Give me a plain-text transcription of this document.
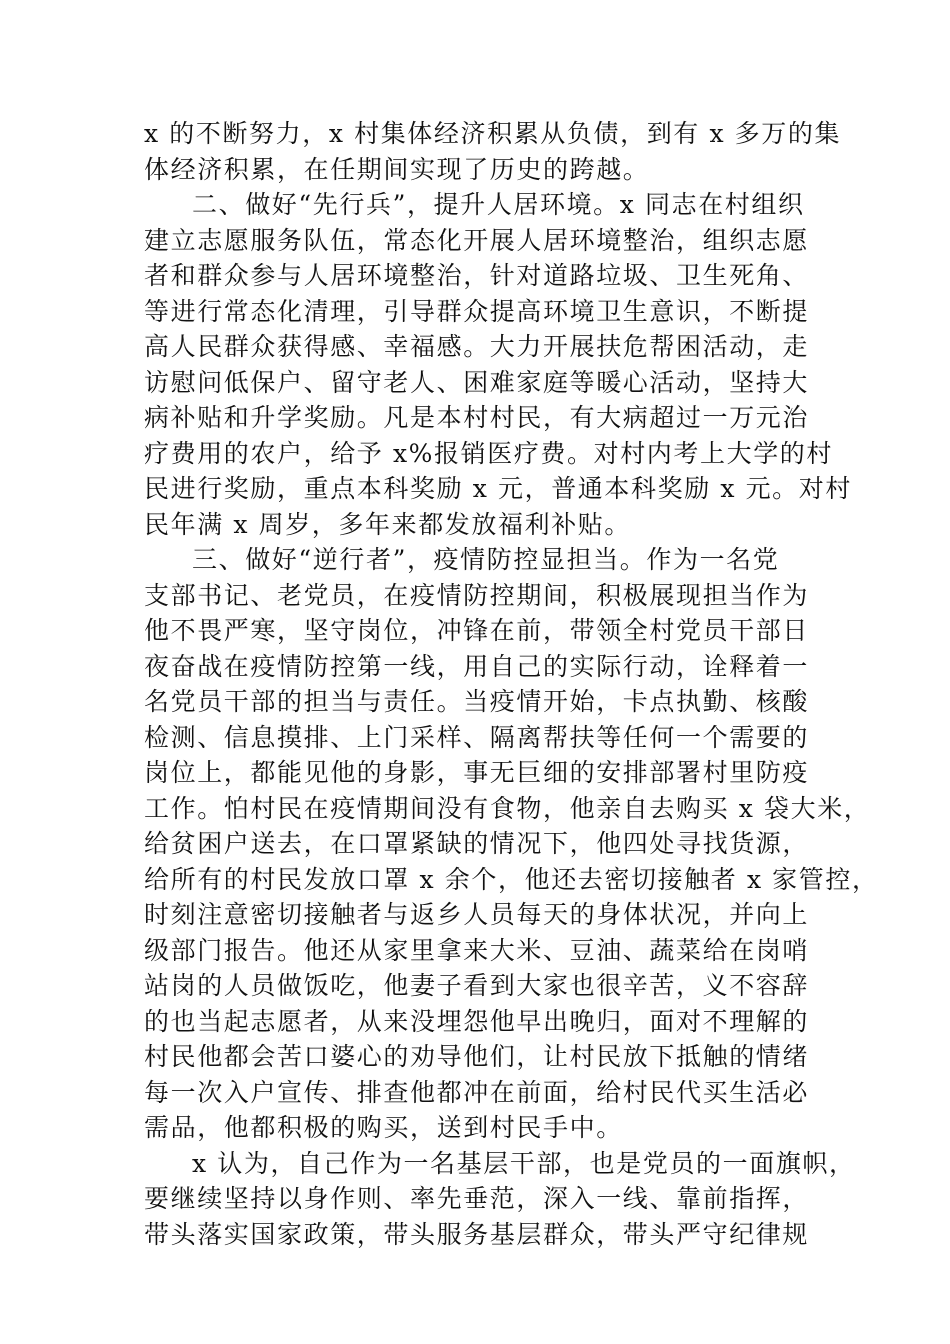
x 的不断努力，x 村集体经济积累从负债，到有 x 多万的集
体经济积累，在任期间实现了历史的跨越。
二、做好“先行兵”，提升人居环境。x 同志在村组织
建立志愿服务队伍，常态化开展人居环境整治，组织志愿
者和群众参与人居环境整治，针对道路垃圾、卫生死角、
等进行常态化清理，引导群众提高环境卫生意识，不断提
高人民群众获得感、幸福感。大力开展扶危帮困活动，走
访慰问低保户、留守老人、困难家庭等暖心活动，坚持大
病补贴和升学奖励。凡是本村村民，有大病超过一万元治
疗费用的农户，给予 x%报销医疗费。对村内考上大学的村
民进行奖励，重点本科奖励 x 元，普通本科奖励 x 元。对村
民年满 x 周岁，多年来都发放福利补贴。
三、做好“逆行者”，疫情防控显担当。作为一名党
支部书记、老党员，在疫情防控期间，积极展现担当作为
他不畏严寒，坚守岗位，冲锋在前，带领全村党员干部日
夜奋战在疫情防控第一线，用自己的实际行动，诠释着一
名党员干部的担当与责任。当疫情开始，卡点执勤、核酸
检测、信息摸排、上门采样、隔离帮扶等任何一个需要的
岗位上，都能见他的身影，事无巨细的安排部署村里防疫
工作。怕村民在疫情期间没有食物，他亲自去购买 x 袋大米，
给贫困户送去，在口罩紧缺的情况下，他四处寻找货源，
给所有的村民发放口罩 x 余个，他还去密切接触者 x 家管控，
时刻注意密切接触者与返乡人员每天的身体状况，并向上
级部门报告。他还从家里拿来大米、豆油、蔬菜给在岗哨
站岗的人员做饭吃，他妻子看到大家也很辛苦，义不容辞
的也当起志愿者，从来没埋怨他早出晚归，面对不理解的
村民他都会苦口婆心的劝导他们，让村民放下抵触的情绪
每一次入户宣传、排查他都冲在前面，给村民代买生活必
需品，他都积极的购买，送到村民手中。
x 认为，自己作为一名基层干部，也是党员的一面旗帜，
要继续坚持以身作则、率先垂范，深入一线、靠前指挥，
带头落实国家政策，带头服务基层群众，带头严守纪律规
